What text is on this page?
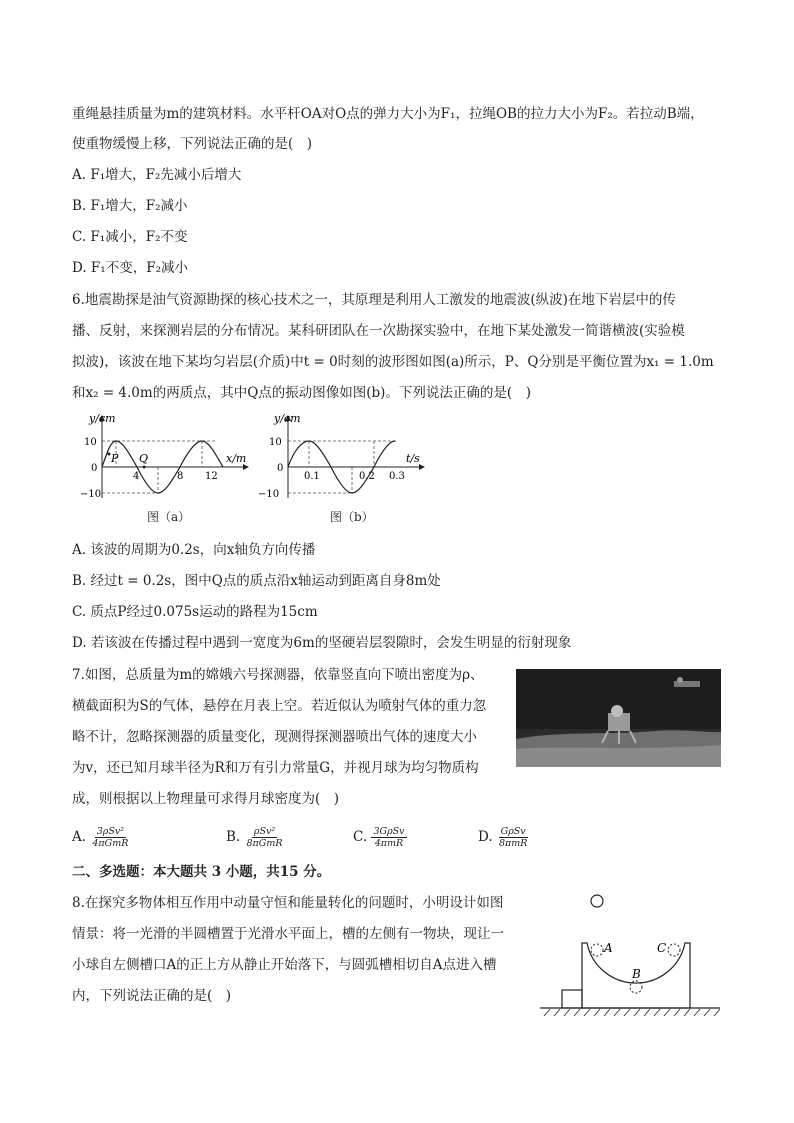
重绳悬挂质量为m的建筑材料。水平杆OA对O点的弹力大小为F₁，拉绳OB的拉力大小为F₂。若拉动B端，
使重物缓慢上移，下列说法正确的是(　)
A. F₁增大，F₂先减小后增大
B. F₁增大，F₂减小
C. F₁减小，F₂不变
D. F₁不变，F₂减小
6.地震勘探是油气资源勘探的核心技术之一，其原理是利用人工激发的地震波(纵波)在地下岩层中的传
播、反射，来探测岩层的分布情况。某科研团队在一次勘探实验中，在地下某处激发一简谐横波(实验模
拟波)，该波在地下某均匀岩层(介质)中t = 0时刻的波形图如图(a)所示，P、Q分别是平衡位置为x₁ = 1.0m
和x₂ = 4.0m的两质点，其中Q点的振动图像如图(b)。下列说法正确的是(　)
y/cm
x/m
10
0
−10
4	8 12
P Q
图（a）
y/cm
t/s
10
0
−10
0.1	0.2 0.3
图（b）
A. 该波的周期为0.2s，向x轴负方向传播
B. 经过t = 0.2s，图中Q点的质点沿x轴运动到距离自身8m处
C. 质点P经过0.075s运动的路程为15cm
D. 若该波在传播过程中遇到一宽度为6m的坚硬岩层裂隙时，会发生明显的衍射现象
7.如图，总质量为m的嫦娥六号探测器，依靠竖直向下喷出密度为ρ、
横截面积为S的气体，悬停在月表上空。若近似认为喷射气体的重力忽
略不计，忽略探测器的质量变化，现测得探测器喷出气体的速度大小
为v，还已知月球半径为R和万有引力常量G，并视月球为均匀物质构
成，则根据以上物理量可求得月球密度为(　)
A. $\frac{\text{3ρSv²}}{\text{4πGmR}}$	B. $\frac{\text{ρSv²}}{\text{8πGmR}}$	C. $\frac{\text{3GρSv}}{\text{4πmR}}$	D. $\frac{\text{GρSv}}{\text{8πmR}}$
二、多选题：本大题共 3 小题，共15 分。
8.在探究多物体相互作用中动量守恒和能量转化的问题时，小明设计如图
情景：将一光滑的半圆槽置于光滑水平面上，槽的左侧有一物块，现让一
小球自左侧槽口A的正上方从静止开始落下，与圆弧槽相切自A点进入槽
内，下列说法正确的是(　)
A
B
C
